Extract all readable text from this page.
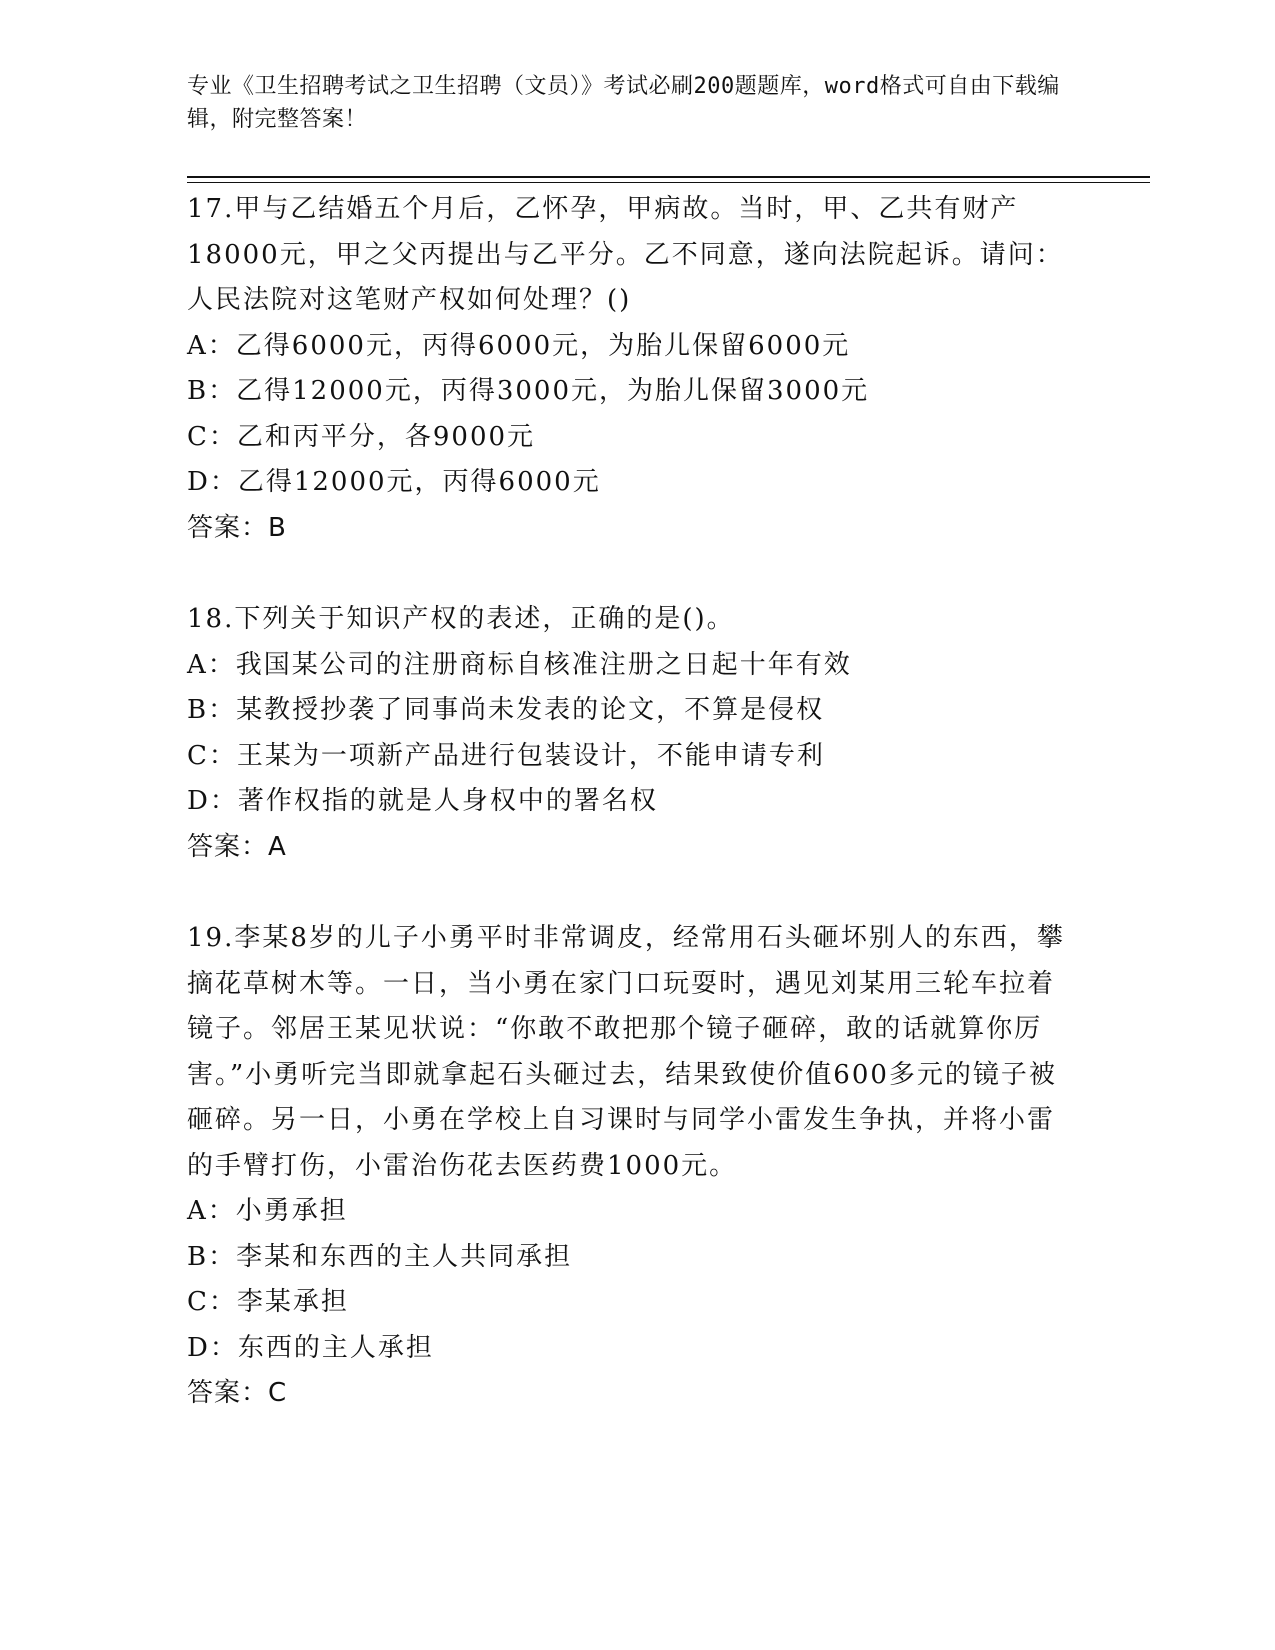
专业《卫生招聘考试之卫生招聘（文员）》考试必刷200题题库，word格式可自由下载编辑，附完整答案！

17.甲与乙结婚五个月后，乙怀孕，甲病故。当时，甲、乙共有财产18000元，甲之父丙提出与乙平分。乙不同意，遂向法院起诉。请问：人民法院对这笔财产权如何处理？()

A：乙得6000元，丙得6000元，为胎儿保留6000元

B：乙得12000元，丙得3000元，为胎儿保留3000元

C：乙和丙平分，各9000元

D：乙得12000元，丙得6000元

答案：B

18.下列关于知识产权的表述，正确的是()。

A：我国某公司的注册商标自核准注册之日起十年有效

B：某教授抄袭了同事尚未发表的论文，不算是侵权

C：王某为一项新产品进行包装设计，不能申请专利

D：著作权指的就是人身权中的署名权

答案：A

19.李某8岁的儿子小勇平时非常调皮，经常用石头砸坏别人的东西，攀摘花草树木等。一日，当小勇在家门口玩耍时，遇见刘某用三轮车拉着镜子。邻居王某见状说：“你敢不敢把那个镜子砸碎，敢的话就算你厉害。”小勇听完当即就拿起石头砸过去，结果致使价值600多元的镜子被砸碎。另一日，小勇在学校上自习课时与同学小雷发生争执，并将小雷的手臂打伤，小雷治伤花去医药费1000元。

A：小勇承担

B：李某和东西的主人共同承担

C：李某承担

D：东西的主人承担

答案：C
